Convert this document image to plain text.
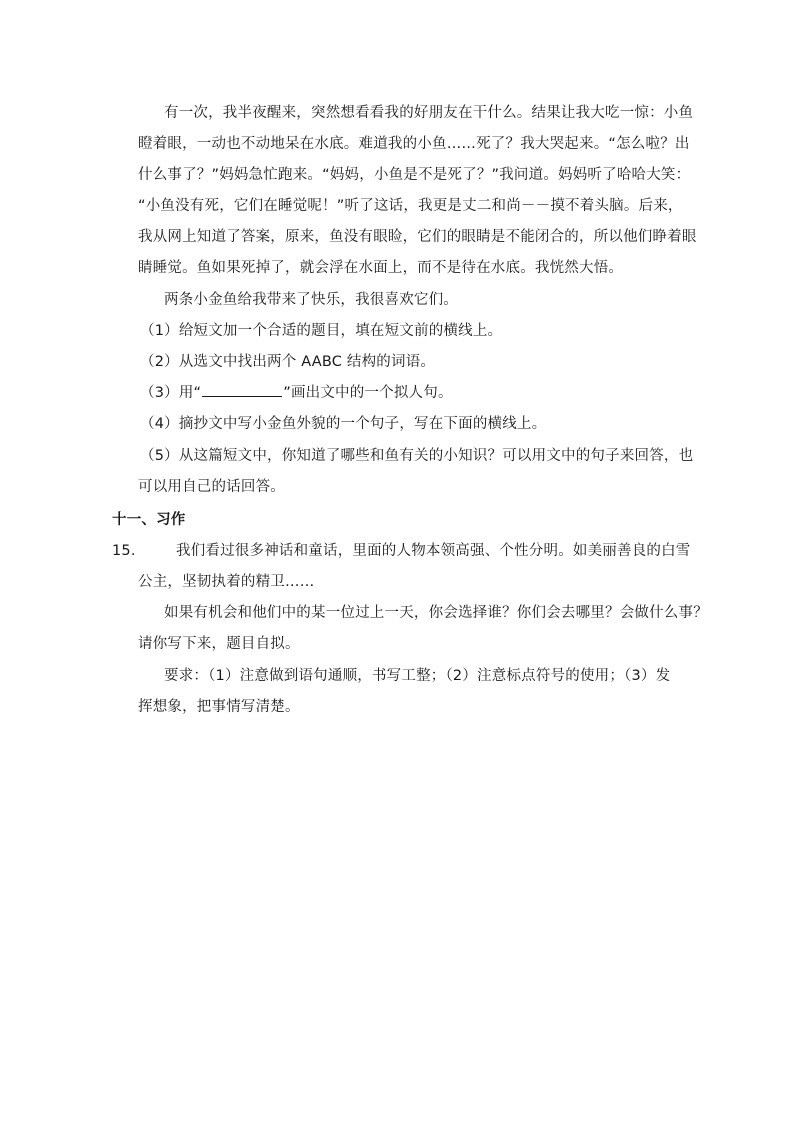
有一次，我半夜醒来，突然想看看我的好朋友在干什么。结果让我大吃一惊：小鱼
瞪着眼，一动也不动地呆在水底。难道我的小鱼……死了？我大哭起来。“怎么啦？出
什么事了？”妈妈急忙跑来。“妈妈，小鱼是不是死了？”我问道。妈妈听了哈哈大笑：
“小鱼没有死，它们在睡觉呢！”听了这话，我更是丈二和尚－－摸不着头脑。后来，
我从网上知道了答案，原来，鱼没有眼睑，它们的眼睛是不能闭合的，所以他们睁着眼
睛睡觉。鱼如果死掉了，就会浮在水面上，而不是待在水底。我恍然大悟。
两条小金鱼给我带来了快乐，我很喜欢它们。
（1）给短文加一个合适的题目，填在短文前的横线上。
（2）从选文中找出两个 AABC 结构的词语。
（3）用“	”画出文中的一个拟人句。
（4）摘抄文中写小金鱼外貌的一个句子，写在下面的横线上。
（5）从这篇短文中，你知道了哪些和鱼有关的小知识？可以用文中的句子来回答，也
可以用自己的话回答。
十一、习作
15.	我们看过很多神话和童话，里面的人物本领高强、个性分明。如美丽善良的白雪
公主，坚韧执着的精卫……
如果有机会和他们中的某一位过上一天，你会选择谁？你们会去哪里？会做什么事？
请你写下来，题目自拟。
要求：（1）注意做到语句通顺，书写工整；（2）注意标点符号的使用；（3）发
挥想象，把事情写清楚。
